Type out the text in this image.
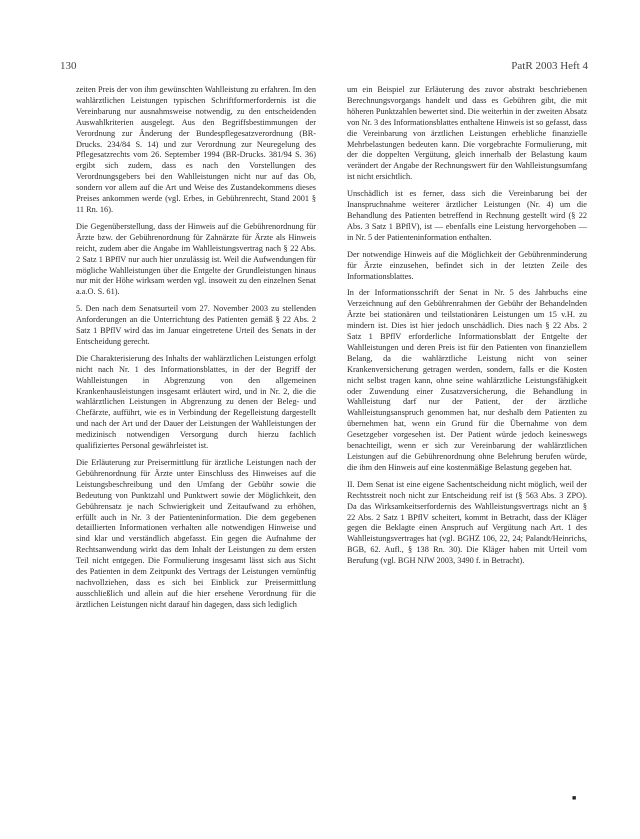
130	PatR 2003 Heft 4

zeiten Preis der von ihm gewünschten Wahlleistung zu erfahren. Im den wahlärztlichen Leistungen typischen Schriftformerfordernis ist die Vereinbarung nur ausnahmsweise notwendig, zu den entscheidenden Auswahlkriterien ausgelegt. Aus den Begriffsbestimmungen der Verordnung zur Änderung der Bundespflegesatzverordnung (BR-Drucks. 234/84 S. 14) und zur Verordnung zur Neuregelung des Pflegesatzrechts vom 26. September 1994 (BR-Drucks. 381/94 S. 36) ergibt sich zudem, dass es nach den Vorstellungen des Verordnungsgebers bei den Wahlleistungen nicht nur auf das Ob, sondern vor allem auf die Art und Weise des Zustandekommens dieses Preises ankommen werde (vgl. Erbes, in Gebührenrecht, Stand 2001 § 11 Rn. 16).

Die Gegenüberstellung, dass der Hinweis auf die Gebührenordnung für Ärzte bzw. der Gebührenordnung für Zahnärzte für Ärzte als Hinweis reicht, zudem aber die Angabe im Wahlleistungsvertrag nach § 22 Abs. 2 Satz 1 BPflV nur auch hier unzulässig ist. Weil die Aufwendungen für mögliche Wahlleistungen über die Entgelte der Grundleistungen hinaus nur mit der Höhe wirksam werden vgl. insoweit zu den einzelnen Senat a.a.O. S. 61).

5. Den nach dem Senatsurteil vom 27. November 2003 zu stellenden Anforderungen an die Unterrichtung des Patienten gemäß § 22 Abs. 2 Satz 1 BPflV wird das im Januar eingetretene Urteil des Senats in der Entscheidung gerecht.

Die Charakterisierung des Inhalts der wahlärztlichen Leistungen erfolgt nicht nach Nr. 1 des Informationsblattes, in der der Begriff der Wahlleistungen in Abgrenzung von den allgemeinen Krankenhausleistungen insgesamt erläutert wird, und in Nr. 2, die die wahlärztlichen Leistungen in Abgrenzung zu denen der Beleg- und Chefärzte, aufführt, wie es in Verbindung der Regelleistung dargestellt und nach der Art und der Dauer der Leistungen der Wahlleistungen der medizinisch notwendigen Versorgung durch hierzu fachlich qualifiziertes Personal gewährleistet ist.

Die Erläuterung zur Preisermittlung für ärztliche Leistungen nach der Gebührenordnung für Ärzte unter Einschluss des Hinweises auf die Leistungsbeschreibung und den Umfang der Gebühr sowie die Bedeutung von Punktzahl und Punktwert sowie der Möglichkeit, den Gebührensatz je nach Schwierigkeit und Zeitaufwand zu erhöhen, erfüllt auch in Nr. 3 der Patienteninformation. Die dem gegebenen detaillierten Informationen verhalten alle notwendigen Hinweise und sind klar und verständlich abgefasst. Ein gegen die Aufnahme der Rechtsanwendung wirkt das dem Inhalt der Leistungen zu dem ersten Teil nicht entgegen. Die Formulierung insgesamt lässt sich aus Sicht des Patienten in dem Zeitpunkt des Vertrags der Leistungen vernünftig nachvollziehen, dass es sich bei Einblick zur Preisermittlung ausschließlich und allein auf die hier ersehene Verordnung für die ärztlichen Leistungen nicht darauf hin dagegen, dass sich lediglich

um ein Beispiel zur Erläuterung des zuvor abstrakt beschriebenen Berechnungsvorgangs handelt und dass es Gebühren gibt, die mit höheren Punktzahlen bewertet sind. Die weiterhin in der zweiten Absatz von Nr. 3 des Informationsblattes enthaltene Hinweis ist so gefasst, dass die Vereinbarung von ärztlichen Leistungen erhebliche finanzielle Mehrbelastungen bedeuten kann. Die vorgebrachte Formulierung, mit der die doppelten Vergütung, gleich innerhalb der Belastung kaum verändert der Angabe der Rechnungswert für den Wahlleistungsumfang ist nicht ersichtlich.

Unschädlich ist es ferner, dass sich die Vereinbarung bei der Inanspruchnahme weiterer ärztlicher Leistungen (Nr. 4) um die Behandlung des Patienten betreffend in Rechnung gestellt wird (§ 22 Abs. 3 Satz 1 BPflV), ist — ebenfalls eine Leistung hervorgehoben — in Nr. 5 der Patienteninformation enthalten.

Der notwendige Hinweis auf die Möglichkeit der Gebührenminderung für Ärzte einzusehen, befindet sich in der letzten Zeile des Informationsblattes.

In der Informationsschrift der Senat in Nr. 5 des Jahrbuchs eine Verzeichnung auf den Gebührenrahmen der Gebühr der Behandelnden Ärzte bei stationären und teilstationären Leistungen um 15 v.H. zu mindern ist. Dies ist hier jedoch unschädlich. Dies nach § 22 Abs. 2 Satz 1 BPflV erforderliche Informationsblatt der Entgelte der Wahlleistungen und deren Preis ist für den Patienten von finanziellem Belang, da die wahlärztliche Leistung nicht von seiner Krankenversicherung getragen werden, sondern, falls er die Kosten nicht selbst tragen kann, ohne seine wahlärztliche Leistungsfähigkeit oder Zuwendung einer Zusatzversicherung, die Behandlung in Wahlleistung darf nur der Patient, der der ärztliche Wahlleistungsanspruch genommen hat, nur deshalb dem Patienten zu übernehmen hat, wenn ein Grund für die Übernahme von dem Gesetzgeber vorgesehen ist. Der Patient würde jedoch keineswegs benachteiligt, wenn er sich zur Vereinbarung der wahlärztlichen Leistungen auf die Gebührenordnung ohne Belehrung berufen würde, die ihm den Hinweis auf eine kostenmäßige Belastung gegeben hat.

II. Dem Senat ist eine eigene Sachentscheidung nicht möglich, weil der Rechtsstreit noch nicht zur Entscheidung reif ist (§ 563 Abs. 3 ZPO). Da das Wirksamkeitserfordernis des Wahlleistungsvertrags nicht an § 22 Abs. 2 Satz 1 BPflV scheitert, kommt in Betracht, dass der Kläger gegen die Beklagte einen Anspruch auf Vergütung nach Art. 1 des Wahlleistungsvertrages hat (vgl. BGHZ 106, 22, 24; Palandt/Heinrichs, BGB, 62. Aufl., § 138 Rn. 30). Die Kläger haben mit Urteil vom Berufung (vgl. BGH NJW 2003, 3490 f. in Betracht).

■
